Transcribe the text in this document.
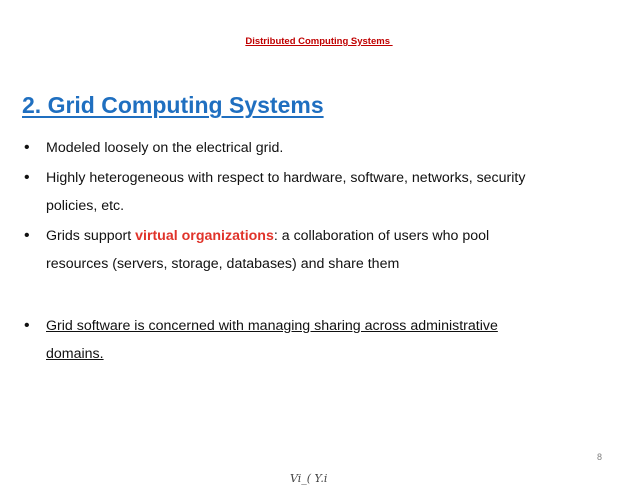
Distributed Computing Systems
2. Grid Computing Systems
• Modeled loosely on the electrical grid.
• Highly heterogeneous with respect to hardware, software, networks, security
policies, etc.
• Grids support virtual organizations: a collaboration of users who pool
resources (servers, storage, databases) and share them
• Grid software is concerned with managing sharing across administrative
domains.
8
Vi_( Y.i
